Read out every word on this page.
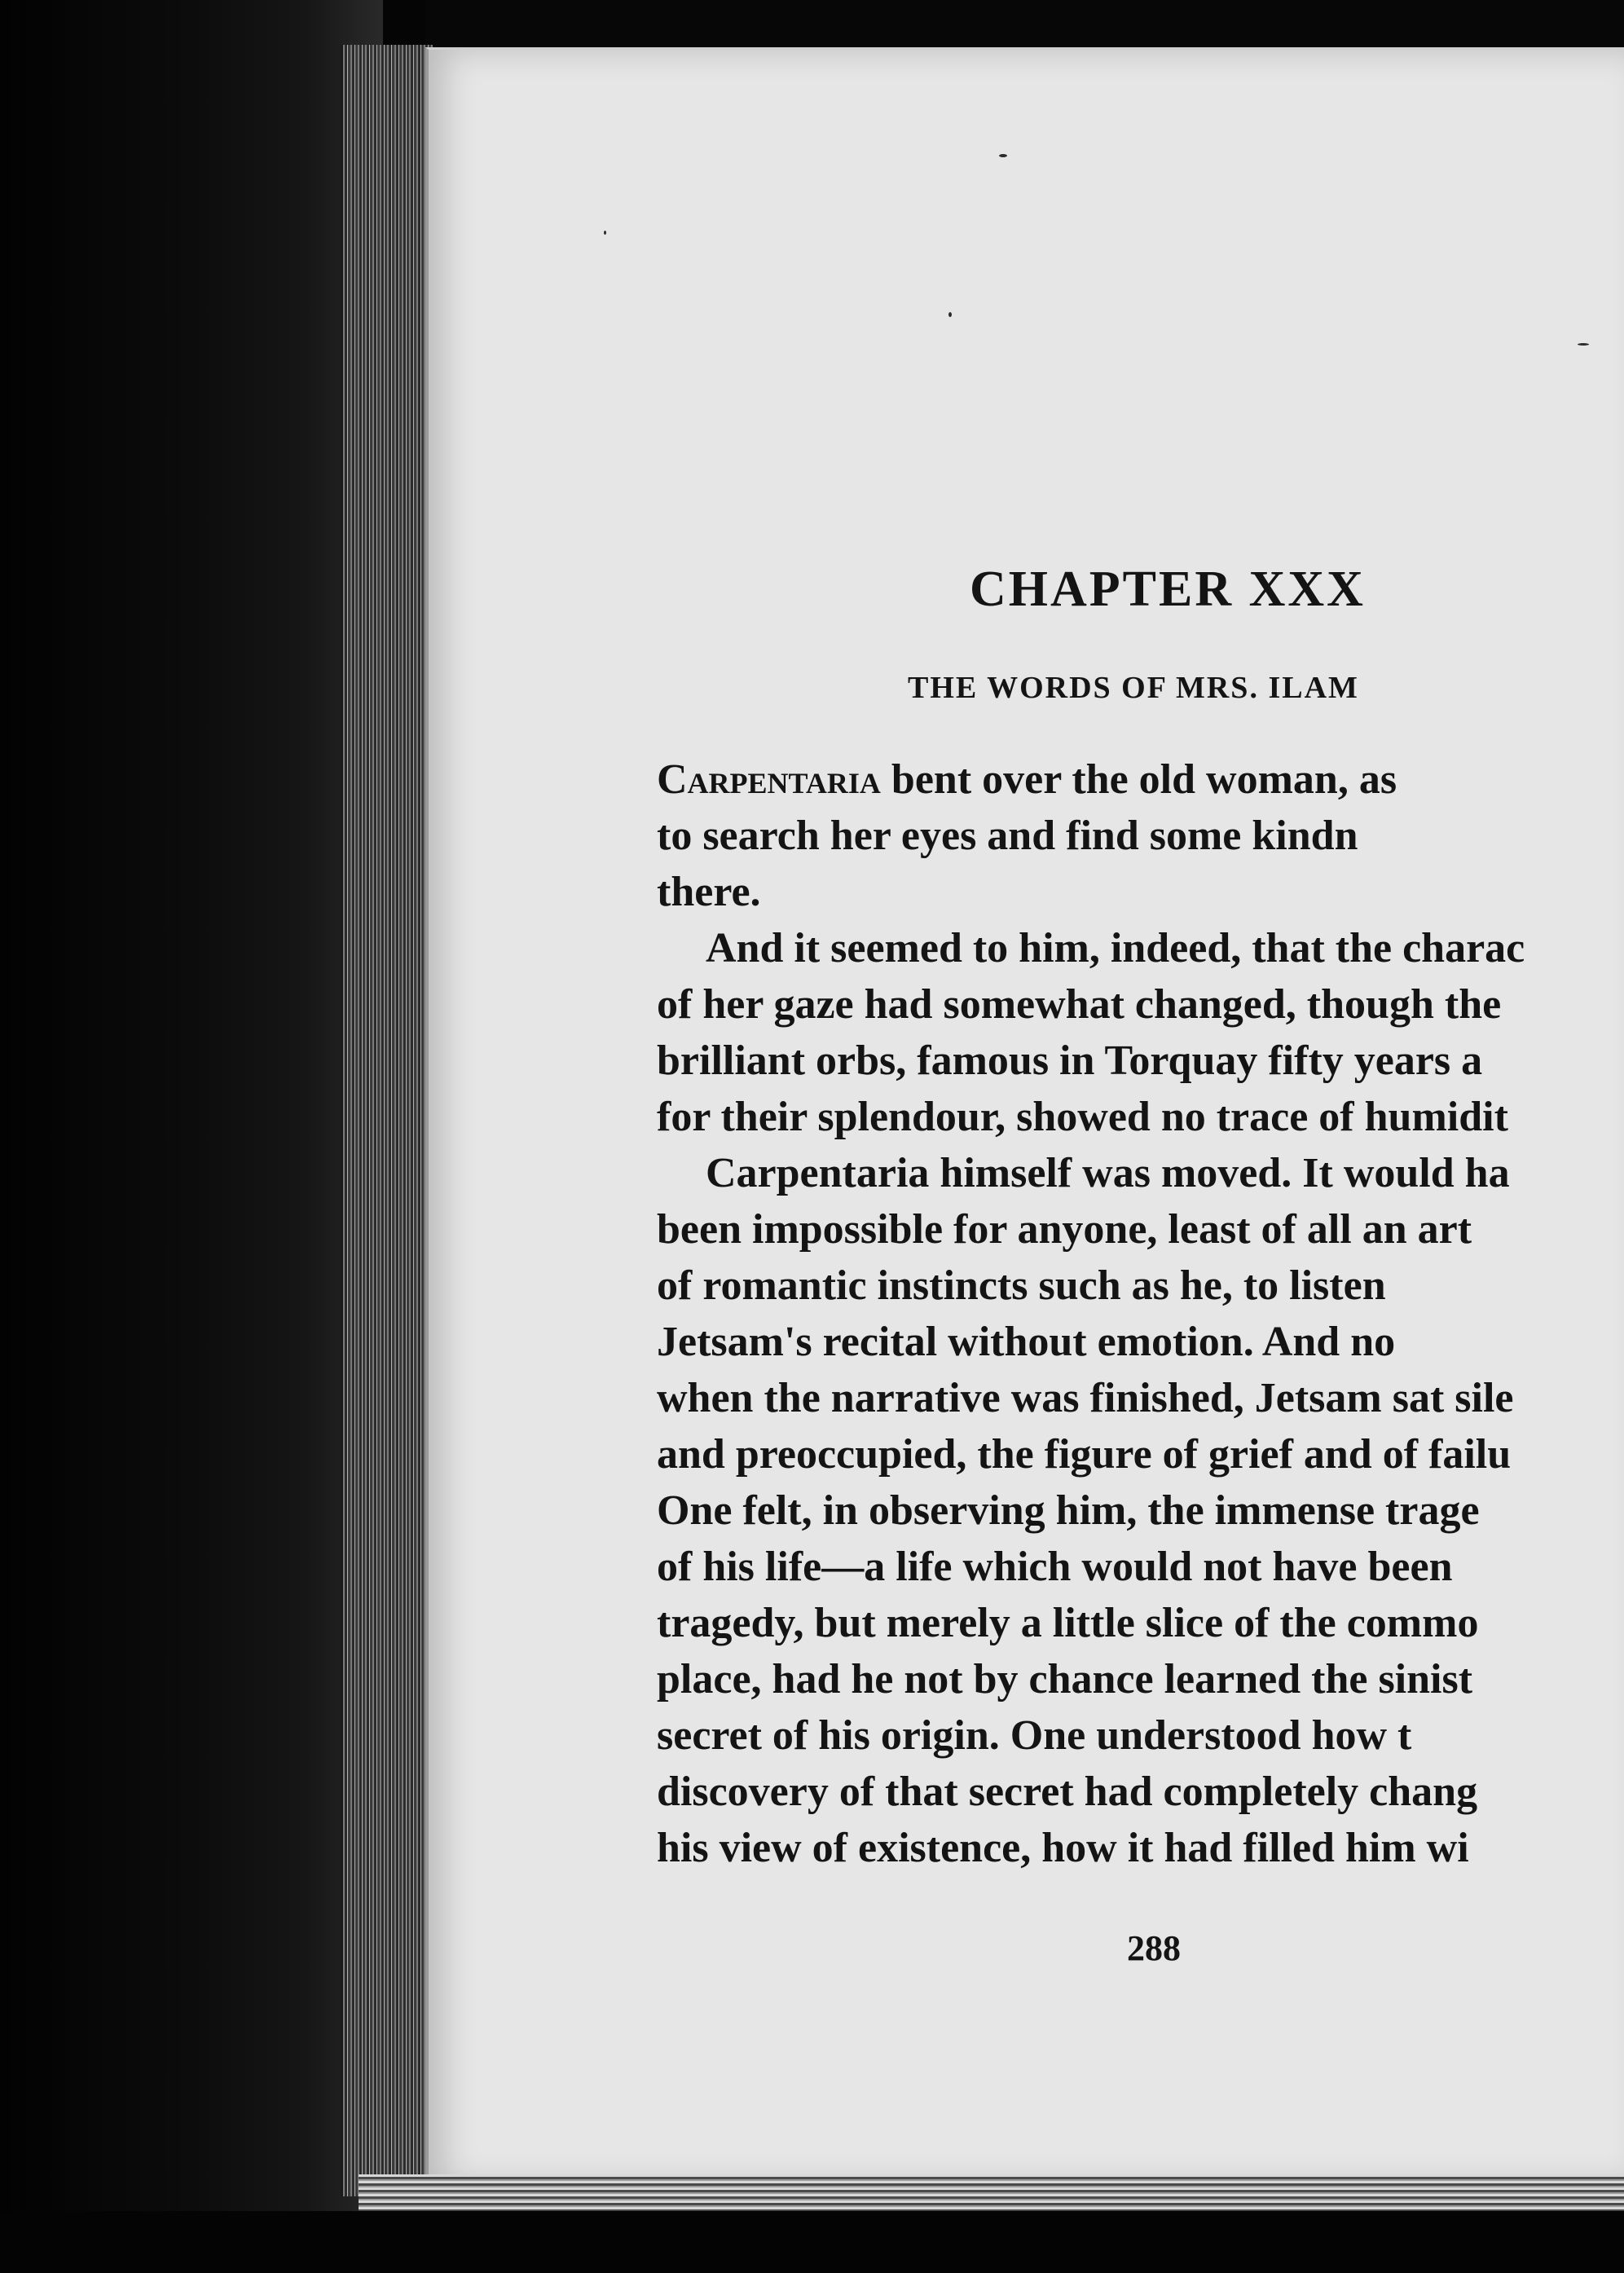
CHAPTER XXX
THE WORDS OF MRS. ILAM
Carpentaria bent over the old woman, as
to search her eyes and find some kindn
there.
And it seemed to him, indeed, that the charac
of her gaze had somewhat changed, though the
brilliant orbs, famous in Torquay fifty years a
for their splendour, showed no trace of humidit
Carpentaria himself was moved. It would ha
been impossible for anyone, least of all an art
of romantic instincts such as he, to listen
Jetsam's recital without emotion. And no
when the narrative was finished, Jetsam sat sile
and preoccupied, the figure of grief and of failu
One felt, in observing him, the immense trage
of his life—a life which would not have been
tragedy, but merely a little slice of the commo
place, had he not by chance learned the sinist
secret of his origin. One understood how t
discovery of that secret had completely chang
his view of existence, how it had filled him wi
288
